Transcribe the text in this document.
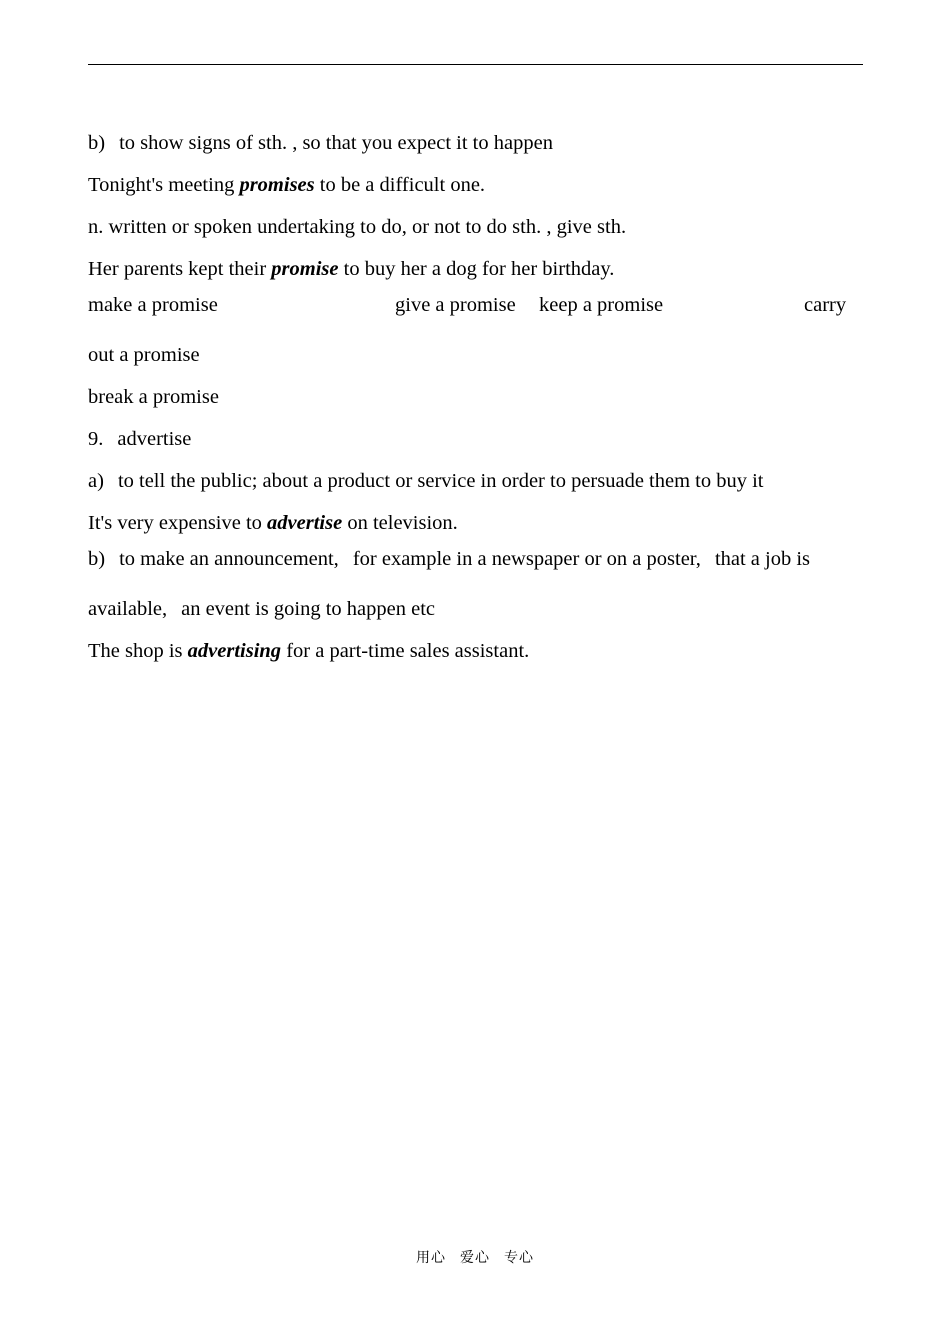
b) to show signs of sth. , so that you expect it to happen
Tonight's meeting promises to be a difficult one.
n. written or spoken undertaking to do, or not to do sth. , give sth.
Her parents kept their promise to buy her a dog for her birthday.
make a promise	give a promise keep a promise	carry
out a promise
break a promise
9. advertise
a) to tell the public; about a product or service in order to persuade them to buy it
It's very expensive to advertise on television.
b) to make an announcement, for example in a newspaper or on a poster, that a job is
available, an event is going to happen etc
The shop is advertising for a part-time sales assistant.
用心 爱心 专心
